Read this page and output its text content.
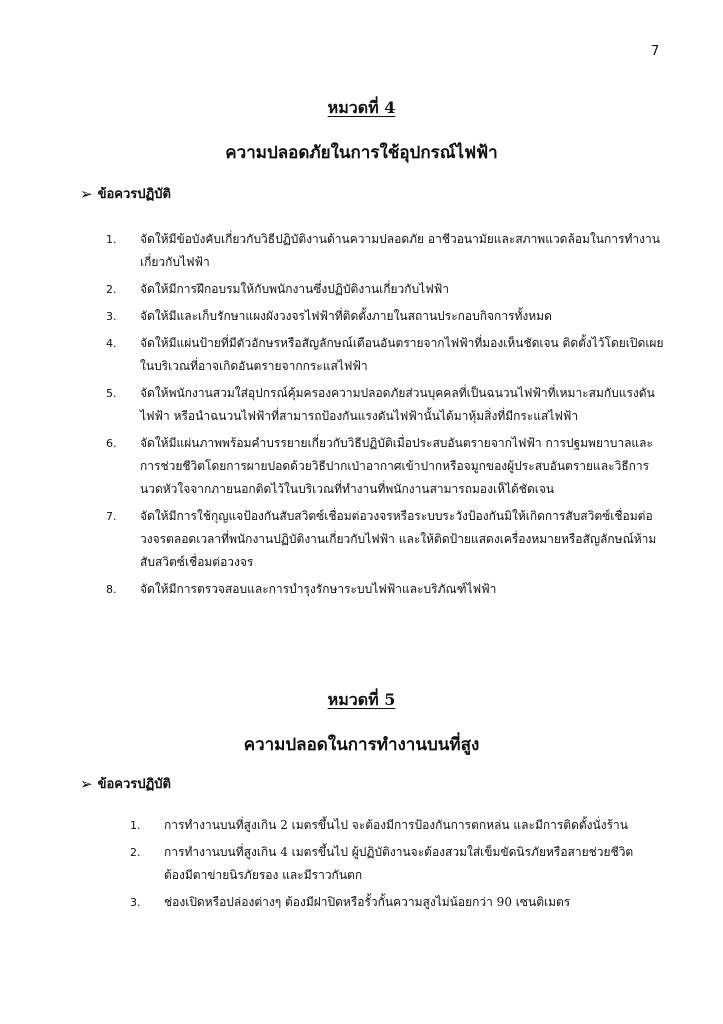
7
หมวดที่ 4
ความปลอดภัยในการใช้อุปกรณ์ไฟฟ้า
➢ ข้อควรปฏิบัติ
1.	จัดให้มีข้อบังคับเกี่ยวกับวิธีปฏิบัติงานด้านความปลอดภัย อาชีวอนามัยและสภาพแวดล้อมในการทำงานเกี่ยวกับไฟฟ้า
2.	จัดให้มีการฝึกอบรมให้กับพนักงานซึ่งปฏิบัติงานเกี่ยวกับไฟฟ้า
3.	จัดให้มีและเก็บรักษาแผงผังวงจรไฟฟ้าที่ติดตั้งภายในสถานประกอบกิจการทั้งหมด
4.	จัดให้มีแผ่นป้ายที่มีตัวอักษรหรือสัญลักษณ์เตือนอันตรายจากไฟฟ้าที่มองเห็นชัดเจน ติดตั้งไว้โดยเปิดเผยในบริเวณที่อาจเกิดอันตรายจากกระแสไฟฟ้า
5.	จัดให้พนักงานสวมใส่อุปกรณ์คุ้มครองความปลอดภัยส่วนบุคคลที่เป็นฉนวนไฟฟ้าที่เหมาะสมกับแรงดันไฟฟ้า หรือนำฉนวนไฟฟ้าที่สามารถป้องกันแรงดันไฟฟ้านั้นได้มาหุ้มสิ่งที่มีกระแสไฟฟ้า
6.	จัดให้มีแผ่นภาพพร้อมคำบรรยายเกี่ยวกับวิธีปฏิบัติเมื่อประสบอันตรายจากไฟฟ้า การปฐมพยาบาลและการช่วยชีวิตโดยการผายปอดด้วยวิธีปากเป่าอากาศเข้าปากหรือจมูกของผู้ประสบอันตรายและวิธีการนวดหัวใจจากภายนอกติดไว้ในบริเวณที่ทำงานที่พนักงานสามารถมองเห็ได้ชัดเจน
7.	จัดให้มีการใช้กุญแจป้องกันสับสวิตซ์เชื่อมต่อวงจรหรือระบบระวังป้องกันมิให้เกิดการสับสวิตซ์เชื่อมต่อวงจรตลอดเวลาที่พนักงานปฏิบัติงานเกี่ยวกับไฟฟ้า และให้ติดป้ายแสดงเครื่องหมายหรือสัญลักษณ์ห้ามสับสวิตซ์เชื่อมต่อวงจร
8.	จัดให้มีการตรวจสอบและการบำรุงรักษาระบบไฟฟ้าและบริภัณฑ์ไฟฟ้า
หมวดที่ 5
ความปลอดในการทำงานบนที่สูง
➢ ข้อควรปฏิบัติ
1.	การทำงานบนที่สูงเกิน 2 เมตรขึ้นไป จะต้องมีการป้องกันการตกหล่น และมีการติดตั้งนั่งร้าน
2.	การทำงานบนที่สูงเกิน 4 เมตรขึ้นไป ผู้ปฏิบัติงานจะต้องสวมใส่เข็มขัดนิรภัยหรือสายช่วยชีวิตต้องมีตาข่ายนิรภัยรอง และมีราวกันตก
3.	ช่องเปิดหรือปล่องต่างๆ ต้องมีฝาปิดหรือรั้วกั้นความสูงไม่น้อยกว่า 90 เซนติเมตร
